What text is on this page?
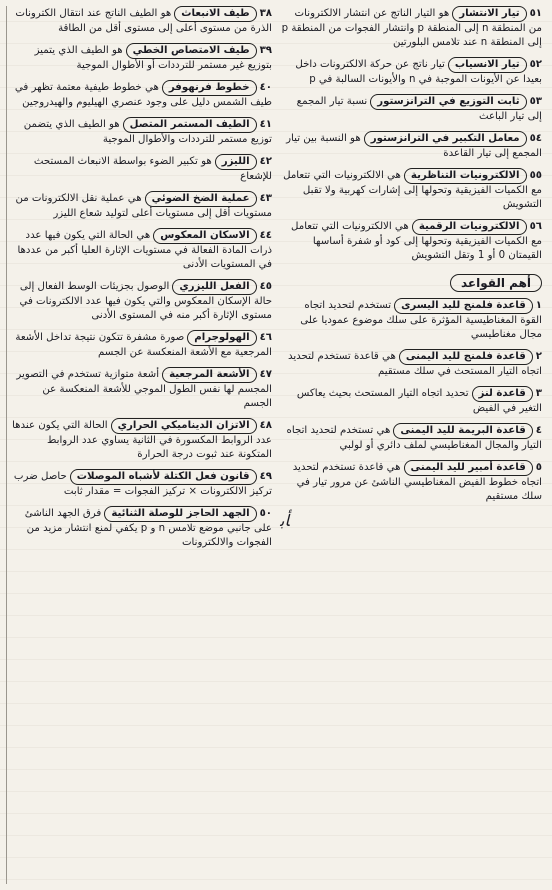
٣٨طيف الانبعاثهو الطيف الناتج عند انتقال الكترونات الذرة من مستوى أعلى إلى مستوى أقل من الطاقة
٣٩طيف الامتصاص الخطيهو الطيف الذي يتميز بتوزيع غير مستمر للترددات أو الأطوال الموجية
٤٠خطوط فرنهوفرهي خطوط طيفية معتمة تظهر في طيف الشمس دليل على وجود عنصري الهيليوم والهيدروجين
٤١الطيف المستمر المتصلهو الطيف الذي يتضمن توزيع مستمر للترددات والأطوال الموجية
٤٢الليزرهو تكبير الضوء بواسطة الانبعاث المستحث للإشعاع
٤٣عملية الضخ الضوئيهي عملية نقل الالكترونات من مستويات أقل إلى مستويات أعلى لتوليد شعاع الليزر
٤٤الاسكان المعكوسهي الحالة التي يكون فيها عدد ذرات المادة الفعالة في مستويات الإثارة العليا أكبر من عددها في المستويات الأدنى
٤٥الفعل الليزريالوصول بجزيئات الوسط الفعال إلى حالة الإسكان المعكوس والتي يكون فيها عدد الالكترونات في مستوى الإثارة أكبر منه في المستوى الأدنى
٤٦الهولوجرامصورة مشفرة تتكون نتيجة تداخل الأشعة المرجعية مع الأشعة المنعكسة عن الجسم
٤٧الأشعة المرجعيةأشعة متوازية تستخدم في التصوير المجسم لها نفس الطول الموجي للأشعة المنعكسة عن الجسم
٤٨الاتزان الديناميكي الحراريالحالة التي يكون عندها عدد الروابط المكسورة في الثانية يساوي عدد الروابط المتكونة عند ثبوت درجة الحرارة
٤٩قانون فعل الكتلة لأشباه الموصلاتحاصل ضرب تركيز الالكترونات × تركيز الفجوات = مقدار ثابت
٥٠الجهد الحاجز للوصلة الثنائيةفرق الجهد الناشئ على جانبي موضع تلامس n و p يكفي لمنع انتشار مزيد من الفجوات والالكترونات
٥١تيار الانتشارهو التيار الناتج عن انتشار الالكترونات من المنطقة n إلى المنطقة p وانتشار الفجوات من المنطقة p إلى المنطقة n عند تلامس البلورتين
٥٢تيار الانسيابتيار ناتج عن حركة الالكترونات داخل بعيدا عن الأيونات الموجبة في n والأيونات السالبة في p
٥٣ثابت التوزيع في الترانزستورنسبة تيار المجمع إلى تيار الباعث
٥٤معامل التكبير في الترانزستورهو النسبة بين تيار المجمع إلى تيار القاعدة
٥٥الالكترونيات التناظريةهي الالكترونيات التي تتعامل مع الكميات الفيزيقية وتحولها إلى إشارات كهربية ولا تقبل التشويش
٥٦الالكترونيات الرقميةهي الالكترونيات التي تتعامل مع الكميات الفيزيقية وتحولها إلى كود أو شفرة أساسها القيمتان 0 أو 1 وتقل التشويش
أهم القواعد
١قاعدة فلمنج لليد اليسرىتستخدم لتحديد اتجاه القوة المغناطيسية المؤثرة على سلك موضوع عموديا على مجال مغناطيسي
٢قاعدة فلمنج لليد اليمنىهي قاعدة تستخدم لتحديد اتجاه التيار المستحث في سلك مستقيم
٣قاعدة لنزتحديد اتجاه التيار المستحث بحيث يعاكس التغير في الفيض
٤قاعدة البريمة لليد اليمنىهي تستخدم لتحديد اتجاه التيار والمجال المغناطيسي لملف دائري أو لولبي
٥قاعدة أمبير لليد اليمنىهي قاعدة تستخدم لتحديد اتجاه خطوط الفيض المغناطيسي الناشئ عن مرور تيار في سلك مستقيم
ﺄﺑ
